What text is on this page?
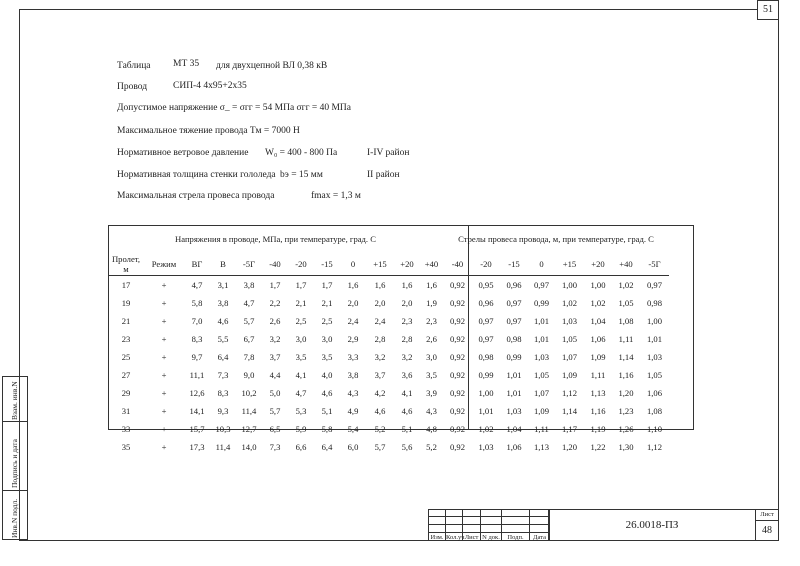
51
Таблица МТ 35 для двухцепной ВЛ 0,38 кВ
Провод	СИП-4 4х95+2х35
Допустимое напряжение σ_ = σгг = 54 МПа σгг = 40 МПа
Максимальное тяжение провода Тм = 7000 Н
Нормативное ветровое давление W₀ = 400 - 800 Па	I-IV район
Нормативная толщина стенки гололеда bэ = 15 мм	II район
Максимальная стрела провеса провода	fmax = 1,3 м
Напряжения в проводе, МПа, при температуре, град. С												Стрелы провеса провода, м, при температуре, град. С							
Пролет,
м	Режим	ВГ	В	-5Г	-40	-20	-15	0	+15	+20	+40	-40	-20	-15	0	+15	+20	+40	-5Г
17	+	4,7	3,1	3,8	1,7	1,7	1,7	1,6	1,6	1,6	1,6	0,92	0,95	0,96	0,97	1,00	1,00	1,02	0,97
19	+	5,8	3,8	4,7	2,2	2,1	2,1	2,0	2,0	2,0	1,9	0,92	0,96	0,97	0,99	1,02	1,02	1,05	0,98
21	+	7,0	4,6	5,7	2,6	2,5	2,5	2,4	2,4	2,3	2,3	0,92	0,97	0,97	1,01	1,03	1,04	1,08	1,00
23	+	8,3	5,5	6,7	3,2	3,0	3,0	2,9	2,8	2,8	2,6	0,92	0,97	0,98	1,01	1,05	1,06	1,11	1,01
25	+	9,7	6,4	7,8	3,7	3,5	3,5	3,3	3,2	3,2	3,0	0,92	0,98	0,99	1,03	1,07	1,09	1,14	1,03
27	+	11,1	7,3	9,0	4,4	4,1	4,0	3,8	3,7	3,6	3,5	0,92	0,99	1,01	1,05	1,09	1,11	1,16	1,05
29	+	12,6	8,3	10,2	5,0	4,7	4,6	4,3	4,2	4,1	3,9	0,92	1,00	1,01	1,07	1,12	1,13	1,20	1,06
31	+	14,1	9,3	11,4	5,7	5,3	5,1	4,9	4,6	4,6	4,3	0,92	1,01	1,03	1,09	1,14	1,16	1,23	1,08
33	+	15,7	10,3	12,7	6,5	5,9	5,8	5,4	5,2	5,1	4,8	0,92	1,02	1,04	1,11	1,17	1,19	1,26	1,10
35	+	17,3	11,4	14,0	7,3	6,6	6,4	6,0	5,7	5,6	5,2	0,92	1,03	1,06	1,13	1,20	1,22	1,30	1,12
Взам. инв.N
Подпись и дата
Инв.N подл.	Изм. Кол.уч Лист N док.	Подп.	Дата
26.0018-ПЗ
Лист
48
